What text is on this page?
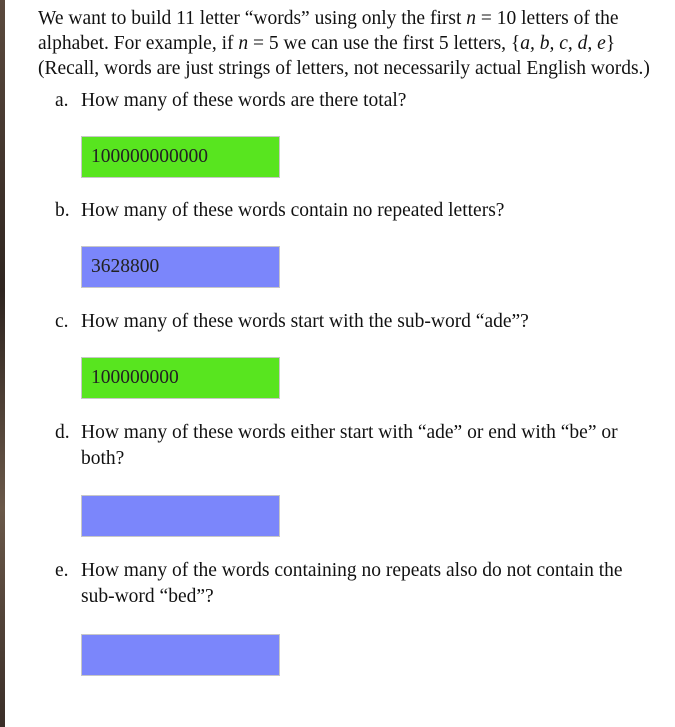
We want to build 11 letter “words” using only the first n = 10 letters of the

alphabet. For example, if n = 5 we can use the first 5 letters, {a, b, c, d, e}

(Recall, words are just strings of letters, not necessarily actual English words.)

a. How many of these words are there total?
100000000000
b. How many of these words contain no repeated letters?
3628800
c. How many of these words start with the sub-word “ade”?
100000000
d. How many of these words either start with “ade” or end with “be” or both?
e. How many of the words containing no repeats also do not contain the sub-word “bed”?
